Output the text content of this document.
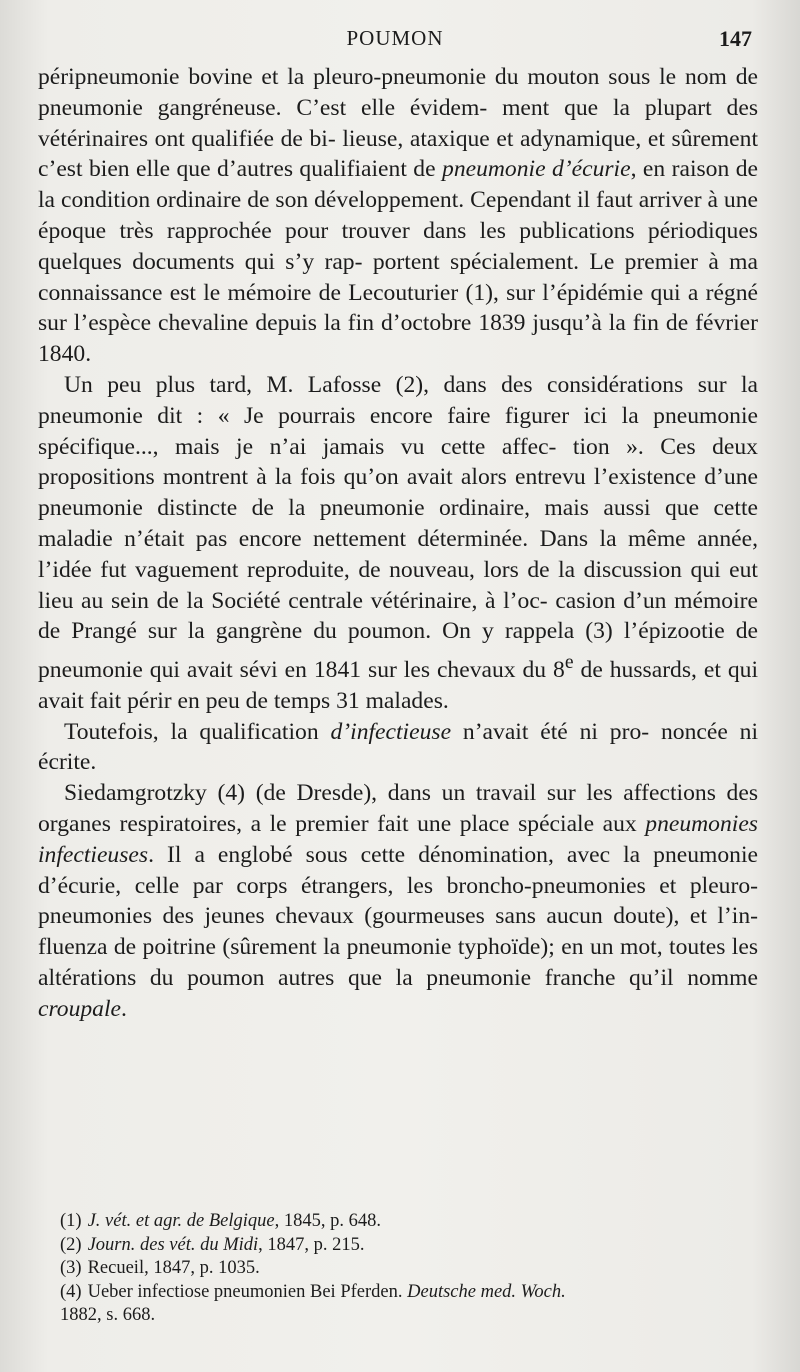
POUMON	147

péripneumonie bovine et la pleuro-pneumonie du mouton sous le nom de pneumonie gangréneuse. C’est elle évidem- ment que la plupart des vétérinaires ont qualifiée de bi- lieuse, ataxique et adynamique, et sûrement c’est bien elle que d’autres qualifiaient de pneumonie d’écurie, en raison de la condition ordinaire de son développement. Cependant il faut arriver à une époque très rapprochée pour trouver dans les publications périodiques quelques documents qui s’y rap- portent spécialement. Le premier à ma connaissance est le mémoire de Lecouturier (1), sur l’épidémie qui a régné sur l’espèce chevaline depuis la fin d’octobre 1839 jusqu’à la fin de février 1840.

Un peu plus tard, M. Lafosse (2), dans des considérations sur la pneumonie dit : « Je pourrais encore faire figurer ici la pneumonie spécifique..., mais je n’ai jamais vu cette affec- tion ». Ces deux propositions montrent à la fois qu’on avait alors entrevu l’existence d’une pneumonie distincte de la pneumonie ordinaire, mais aussi que cette maladie n’était pas encore nettement déterminée. Dans la même année, l’idée fut vaguement reproduite, de nouveau, lors de la discussion qui eut lieu au sein de la Société centrale vétérinaire, à l’oc- casion d’un mémoire de Prangé sur la gangrène du poumon. On y rappela (3) l’épizootie de pneumonie qui avait sévi en 1841 sur les chevaux du 8e de hussards, et qui avait fait périr en peu de temps 31 malades.

Toutefois, la qualification d’infectieuse n’avait été ni pro- noncée ni écrite.

Siedamgrotzky (4) (de Dresde), dans un travail sur les affections des organes respiratoires, a le premier fait une place spéciale aux pneumonies infectieuses. Il a englobé sous cette dénomination, avec la pneumonie d’écurie, celle par corps étrangers, les broncho-pneumonies et pleuro-pneumonies des jeunes chevaux (gourmeuses sans aucun doute), et l’in- fluenza de poitrine (sûrement la pneumonie typhoïde); en un mot, toutes les altérations du poumon autres que la pneumonie franche qu’il nomme croupale.

(1) J. vét. et agr. de Belgique, 1845, p. 648.

(2) Journ. des vét. du Midi, 1847, p. 215.

(3) Recueil, 1847, p. 1035.

(4) Ueber infectiose pneumonien Bei Pferden. Deutsche med. Woch.
1882, s. 668.
